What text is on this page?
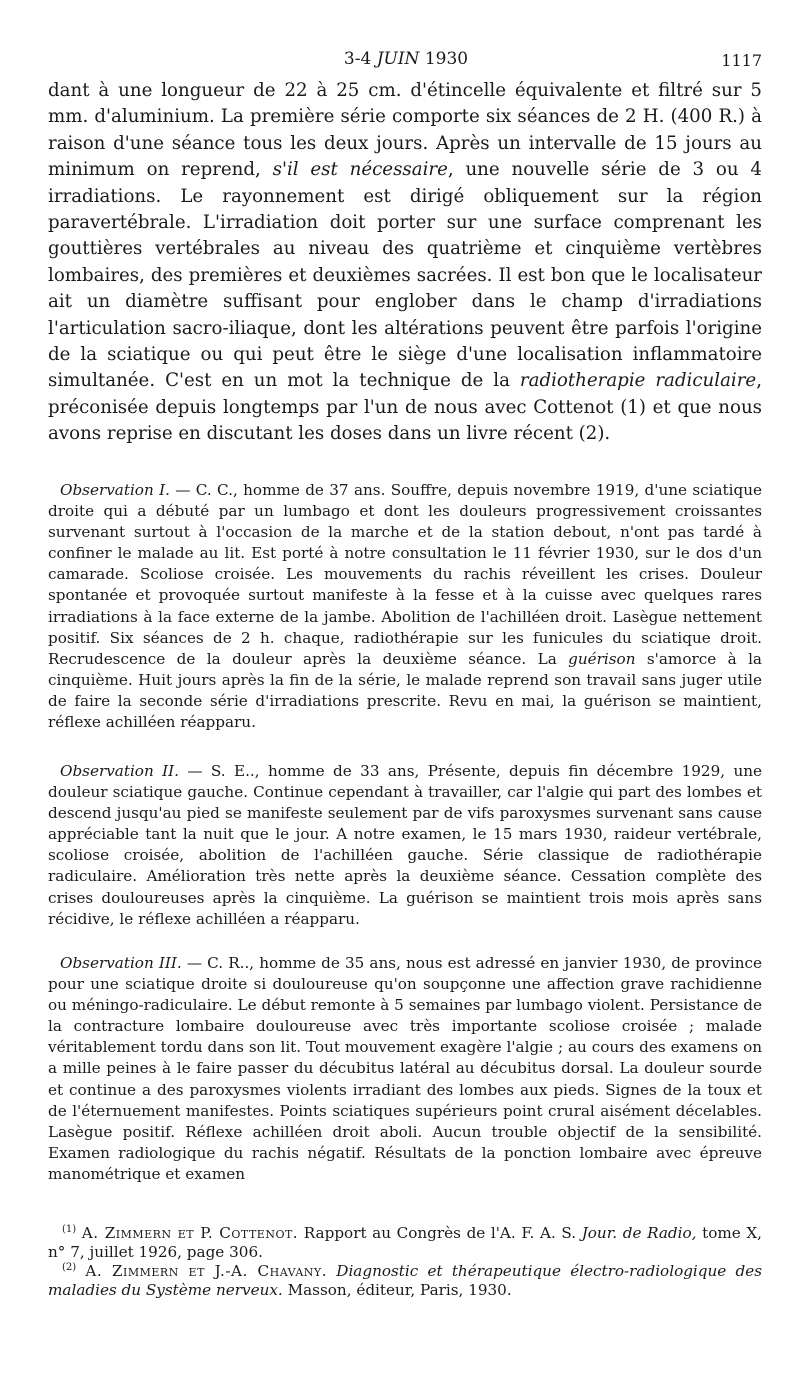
3-4 JUIN 1930	1117

dant à une longueur de 22 à 25 cm. d'étincelle équivalente et filtré sur 5 mm. d'aluminium. La première série comporte six séances de 2 H. (400 R.) à raison d'une séance tous les deux jours. Après un intervalle de 15 jours au minimum on reprend, s'il est nécessaire, une nouvelle série de 3 ou 4 irradiations. Le rayonnement est dirigé obliquement sur la région paravertébrale. L'irradiation doit porter sur une surface comprenant les gouttières vertébrales au niveau des quatrième et cinquième vertèbres lombaires, des premières et deuxièmes sacrées. Il est bon que le localisateur ait un diamètre suffisant pour englober dans le champ d'irradiations l'articulation sacro-iliaque, dont les altérations peuvent être parfois l'origine de la sciatique ou qui peut être le siège d'une localisation inflammatoire simultanée. C'est en un mot la technique de la radiotherapie radiculaire, préconisée depuis longtemps par l'un de nous avec Cottenot (1) et que nous avons reprise en discutant les doses dans un livre récent (2).

Observation I. — C. C., homme de 37 ans. Souffre, depuis novembre 1919, d'une sciatique droite qui a débuté par un lumbago et dont les douleurs progressivement croissantes survenant surtout à l'occasion de la marche et de la station debout, n'ont pas tardé à confiner le malade au lit. Est porté à notre consultation le 11 février 1930, sur le dos d'un camarade. Scoliose croisée. Les mouvements du rachis réveillent les crises. Douleur spontanée et provoquée surtout manifeste à la fesse et à la cuisse avec quelques rares irradiations à la face externe de la jambe. Abolition de l'achilléen droit. Lasègue nettement positif. Six séances de 2 h. chaque, radiothérapie sur les funicules du sciatique droit. Recrudescence de la douleur après la deuxième séance. La guérison s'amorce à la cinquième. Huit jours après la fin de la série, le malade reprend son travail sans juger utile de faire la seconde série d'irradiations prescrite. Revu en mai, la guérison se maintient, réflexe achilléen réapparu.

Observation II. — S. E.., homme de 33 ans, Présente, depuis fin décembre 1929, une douleur sciatique gauche. Continue cependant à travailler, car l'algie qui part des lombes et descend jusqu'au pied se manifeste seulement par de vifs paroxysmes survenant sans cause appréciable tant la nuit que le jour. A notre examen, le 15 mars 1930, raideur vertébrale, scoliose croisée, abolition de l'achilléen gauche. Série classique de radiothérapie radiculaire. Amélioration très nette après la deuxième séance. Cessation complète des crises douloureuses après la cinquième. La guérison se maintient trois mois après sans récidive, le réflexe achilléen a réapparu.

Observation III. — C. R.., homme de 35 ans, nous est adressé en janvier 1930, de province pour une sciatique droite si douloureuse qu'on soupçonne une affection grave rachidienne ou méningo-radiculaire. Le début remonte à 5 semaines par lumbago violent. Persistance de la contracture lombaire douloureuse avec très importante scoliose croisée ; malade véritablement tordu dans son lit. Tout mouvement exagère l'algie ; au cours des examens on a mille peines à le faire passer du décubitus latéral au décubitus dorsal. La douleur sourde et continue a des paroxysmes violents irradiant des lombes aux pieds. Signes de la toux et de l'éternuement manifestes. Points sciatiques supérieurs point crural aisément décelables. Lasègue positif. Réflexe achilléen droit aboli. Aucun trouble objectif de la sensibilité. Examen radiologique du rachis négatif. Résultats de la ponction lombaire avec épreuve manométrique et examen

$^{(1)}$ A. Zimmern et P. Cottenot. Rapport au Congrès de l'A. F. A. S. Jour. de Radio, tome X, n° 7, juillet 1926, page 306.

$^{(2)}$ A. Zimmern et J.-A. Chavany. Diagnostic et thérapeutique électro-radiologique des maladies du Système nerveux. Masson, éditeur, Paris, 1930.
